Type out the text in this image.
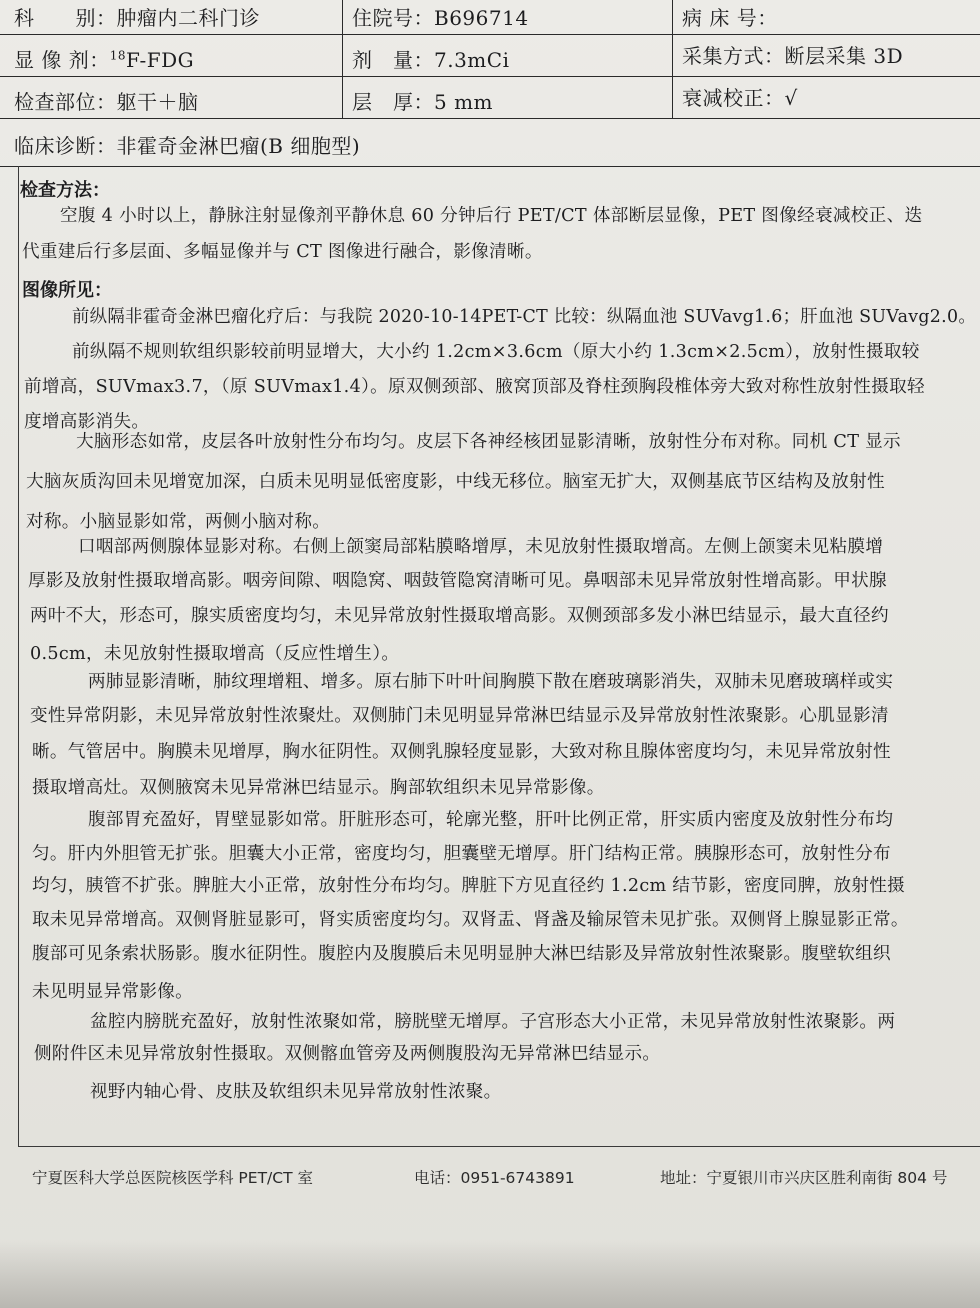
科　　别：肿瘤内二科门诊	住院号：B696714	病 床 号：
显 像 剂：$^{18}$F-FDG	剂　量：7.3mCi	采集方式：断层采集 3D
检查部位：躯干＋脑	层　厚：5 mm	衰减校正：√
临床诊断：非霍奇金淋巴瘤(B 细胞型)
检查方法：
空腹 4 小时以上，静脉注射显像剂平静休息 60 分钟后行 PET/CT 体部断层显像，PET 图像经衰减校正、迭
代重建后行多层面、多幅显像并与 CT 图像进行融合，影像清晰。
图像所见：
前纵隔非霍奇金淋巴瘤化疗后：与我院 2020-10-14PET-CT 比较：纵隔血池 SUVavg1.6；肝血池 SUVavg2.0。
前纵隔不规则软组织影较前明显增大，大小约 1.2cm×3.6cm（原大小约 1.3cm×2.5cm），放射性摄取较
前增高，SUVmax3.7，（原 SUVmax1.4）。原双侧颈部、腋窝顶部及脊柱颈胸段椎体旁大致对称性放射性摄取轻
度增高影消失。
大脑形态如常，皮层各叶放射性分布均匀。皮层下各神经核团显影清晰，放射性分布对称。同机 CT 显示
大脑灰质沟回未见增宽加深，白质未见明显低密度影，中线无移位。脑室无扩大，双侧基底节区结构及放射性
对称。小脑显影如常，两侧小脑对称。
口咽部两侧腺体显影对称。右侧上颌窦局部粘膜略增厚，未见放射性摄取增高。左侧上颌窦未见粘膜增
厚影及放射性摄取增高影。咽旁间隙、咽隐窝、咽鼓管隐窝清晰可见。鼻咽部未见异常放射性增高影。甲状腺
两叶不大，形态可，腺实质密度均匀，未见异常放射性摄取增高影。双侧颈部多发小淋巴结显示，最大直径约
0.5cm，未见放射性摄取增高（反应性增生）。
两肺显影清晰，肺纹理增粗、增多。原右肺下叶叶间胸膜下散在磨玻璃影消失，双肺未见磨玻璃样或实
变性异常阴影，未见异常放射性浓聚灶。双侧肺门未见明显异常淋巴结显示及异常放射性浓聚影。心肌显影清
晰。气管居中。胸膜未见增厚，胸水征阴性。双侧乳腺轻度显影，大致对称且腺体密度均匀，未见异常放射性
摄取增高灶。双侧腋窝未见异常淋巴结显示。胸部软组织未见异常影像。
腹部胃充盈好，胃壁显影如常。肝脏形态可，轮廓光整，肝叶比例正常，肝实质内密度及放射性分布均
匀。肝内外胆管无扩张。胆囊大小正常，密度均匀，胆囊壁无增厚。肝门结构正常。胰腺形态可，放射性分布
均匀，胰管不扩张。脾脏大小正常，放射性分布均匀。脾脏下方见直径约 1.2cm 结节影，密度同脾，放射性摄
取未见异常增高。双侧肾脏显影可，肾实质密度均匀。双肾盂、肾盏及输尿管未见扩张。双侧肾上腺显影正常。
腹部可见条索状肠影。腹水征阴性。腹腔内及腹膜后未见明显肿大淋巴结影及异常放射性浓聚影。腹壁软组织
未见明显异常影像。
盆腔内膀胱充盈好，放射性浓聚如常，膀胱壁无增厚。子宫形态大小正常，未见异常放射性浓聚影。两
侧附件区未见异常放射性摄取。双侧髂血管旁及两侧腹股沟无异常淋巴结显示。
视野内轴心骨、皮肤及软组织未见异常放射性浓聚。
宁夏医科大学总医院核医学科 PET/CT 室	电话：0951-6743891	地址：宁夏银川市兴庆区胜利南街 804 号
